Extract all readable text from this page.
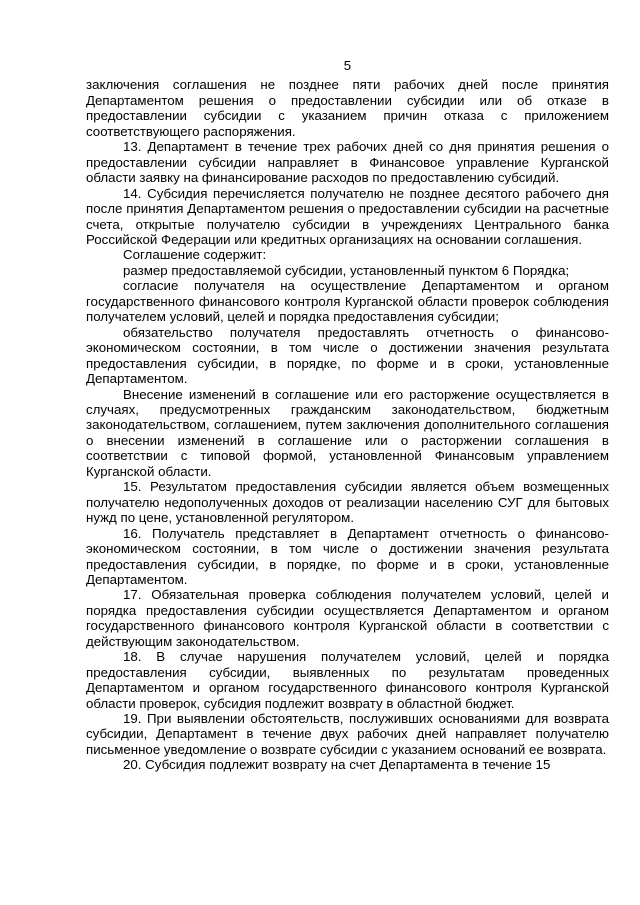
5

заключения соглашения не позднее пяти рабочих дней после принятия Департаментом решения о предоставлении субсидии или об отказе в предоставлении субсидии с указанием причин отказа с приложением соответствующего распоряжения.

13. Департамент в течение трех рабочих дней со дня принятия решения о предоставлении субсидии направляет в Финансовое управление Курганской области заявку на финансирование расходов по предоставлению субсидий.

14. Субсидия перечисляется получателю не позднее десятого рабочего дня после принятия Департаментом решения о предоставлении субсидии на расчетные счета, открытые получателю субсидии в учреждениях Центрального банка Российской Федерации или кредитных организациях на основании соглашения.

Соглашение содержит:

размер предоставляемой субсидии, установленный пунктом 6 Порядка;

согласие получателя на осуществление Департаментом и органом государственного финансового контроля Курганской области проверок соблюдения получателем условий, целей и порядка предоставления субсидии;

обязательство получателя предоставлять отчетность о финансово-экономическом состоянии, в том числе о достижении значения результата предоставления субсидии, в порядке, по форме и в сроки, установленные Департаментом.

Внесение изменений в соглашение или его расторжение осуществляется в случаях, предусмотренных гражданским законодательством, бюджетным законодательством, соглашением, путем заключения дополнительного соглашения о внесении изменений в соглашение или о расторжении соглашения в соответствии с типовой формой, установленной Финансовым управлением Курганской области.

15. Результатом предоставления субсидии является объем возмещенных получателю недополученных доходов от реализации населению СУГ для бытовых нужд по цене, установленной регулятором.

16. Получатель представляет в Департамент отчетность о финансово-экономическом состоянии, в том числе о достижении значения результата предоставления субсидии, в порядке, по форме и в сроки, установленные Департаментом.

17. Обязательная проверка соблюдения получателем условий, целей и порядка предоставления субсидии осуществляется Департаментом и органом государственного финансового контроля Курганской области в соответствии с действующим законодательством.

18. В случае нарушения получателем условий, целей и порядка предоставления субсидии, выявленных по результатам проведенных Департаментом и органом государственного финансового контроля Курганской области проверок, субсидия подлежит возврату в областной бюджет.

19. При выявлении обстоятельств, послуживших основаниями для возврата субсидии, Департамент в течение двух рабочих дней направляет получателю письменное уведомление о возврате субсидии с указанием оснований ее возврата.

20. Субсидия подлежит возврату на счет Департамента в течение 15
